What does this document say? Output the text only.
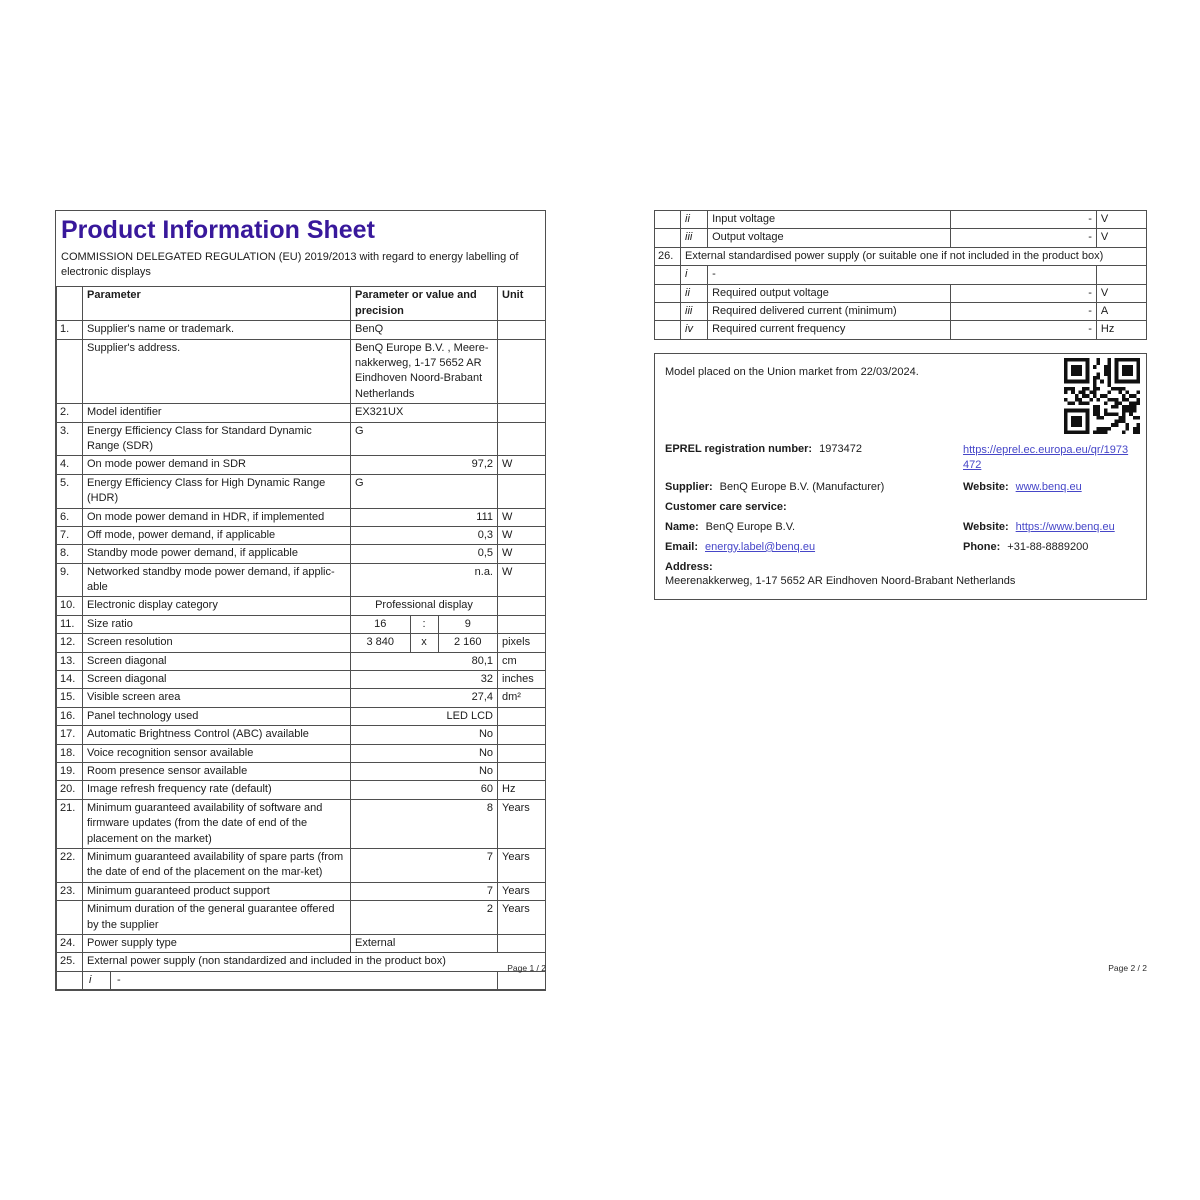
Product Information Sheet

COMMISSION DELEGATED REGULATION (EU) 2019/2013 with regard to energy labelling of electronic displays

	Parameter	Parameter or value and precision	Unit
1.	Supplier's name or trademark.	BenQ	
	Supplier's address.	BenQ Europe B.V. , Meere-nakkerweg, 1-17 5652 AR Eindhoven Noord-Brabant Netherlands	
2.	Model identifier	EX321UX	
3.	Energy Efficiency Class for Standard Dynamic Range (SDR)	G	
4.	On mode power demand in SDR	97,2	W
5.	Energy Efficiency Class for High Dynamic Range (HDR)	G	
6.	On mode power demand in HDR, if implemented	111	W
7.	Off mode, power demand, if applicable	0,3	W
8.	Standby mode power demand, if applicable	0,5	W
9.	Networked standby mode power demand, if applic-able	n.a.	W
10.	Electronic display category	Professional display	
11.	Size ratio	16 : 9	

12.	Screen resolution	3 840 x 2 160	pixels
13.	Screen diagonal	80,1	cm
14.	Screen diagonal	32	inches
15.	Visible screen area	27,4	dm²
16.	Panel technology used	LED LCD	
17.	Automatic Brightness Control (ABC) available	No	
18.	Voice recognition sensor available	No	
19.	Room presence sensor available	No	
20.	Image refresh frequency rate (default)	60	Hz
21.	Minimum guaranteed availability of software and firmware updates (from the date of end of the placement on the market)	8	Years
22.	Minimum guaranteed availability of spare parts (from the date of end of the placement on the mar-ket)	7	Years
23.	Minimum guaranteed product support	7	Years
	Minimum duration of the general guarantee offered by the supplier	2	Years
24.	Power supply type	External	
25.	External power supply (non standardized and included in the product box)		

	i -		

	ii	Input voltage	-	V
	iii	Output voltage	-	V
26.	External standardised power supply (or suitable one if not included in the product box)			
	i	-		
	ii	Required output voltage	-	V
	iii	Required delivered current (minimum)	-	A
	iv	Required current frequency	-	Hz
Model placed on the Union market from 22/03/2024.
EPREL registration number: 1973472	https://eprel.ec.europa.eu/qr/1973472
Supplier: BenQ Europe B.V. (Manufacturer)	Website: www.benq.eu
Customer care service:
Name: BenQ Europe B.V.	Website: https://www.benq.eu
Email: energy.label@benq.eu	Phone: +31-88-8889200
Address:
Meerenakkerweg, 1-17 5652 AR Eindhoven Noord-Brabant Netherlands
Page 1 / 2	Page 2 / 2
